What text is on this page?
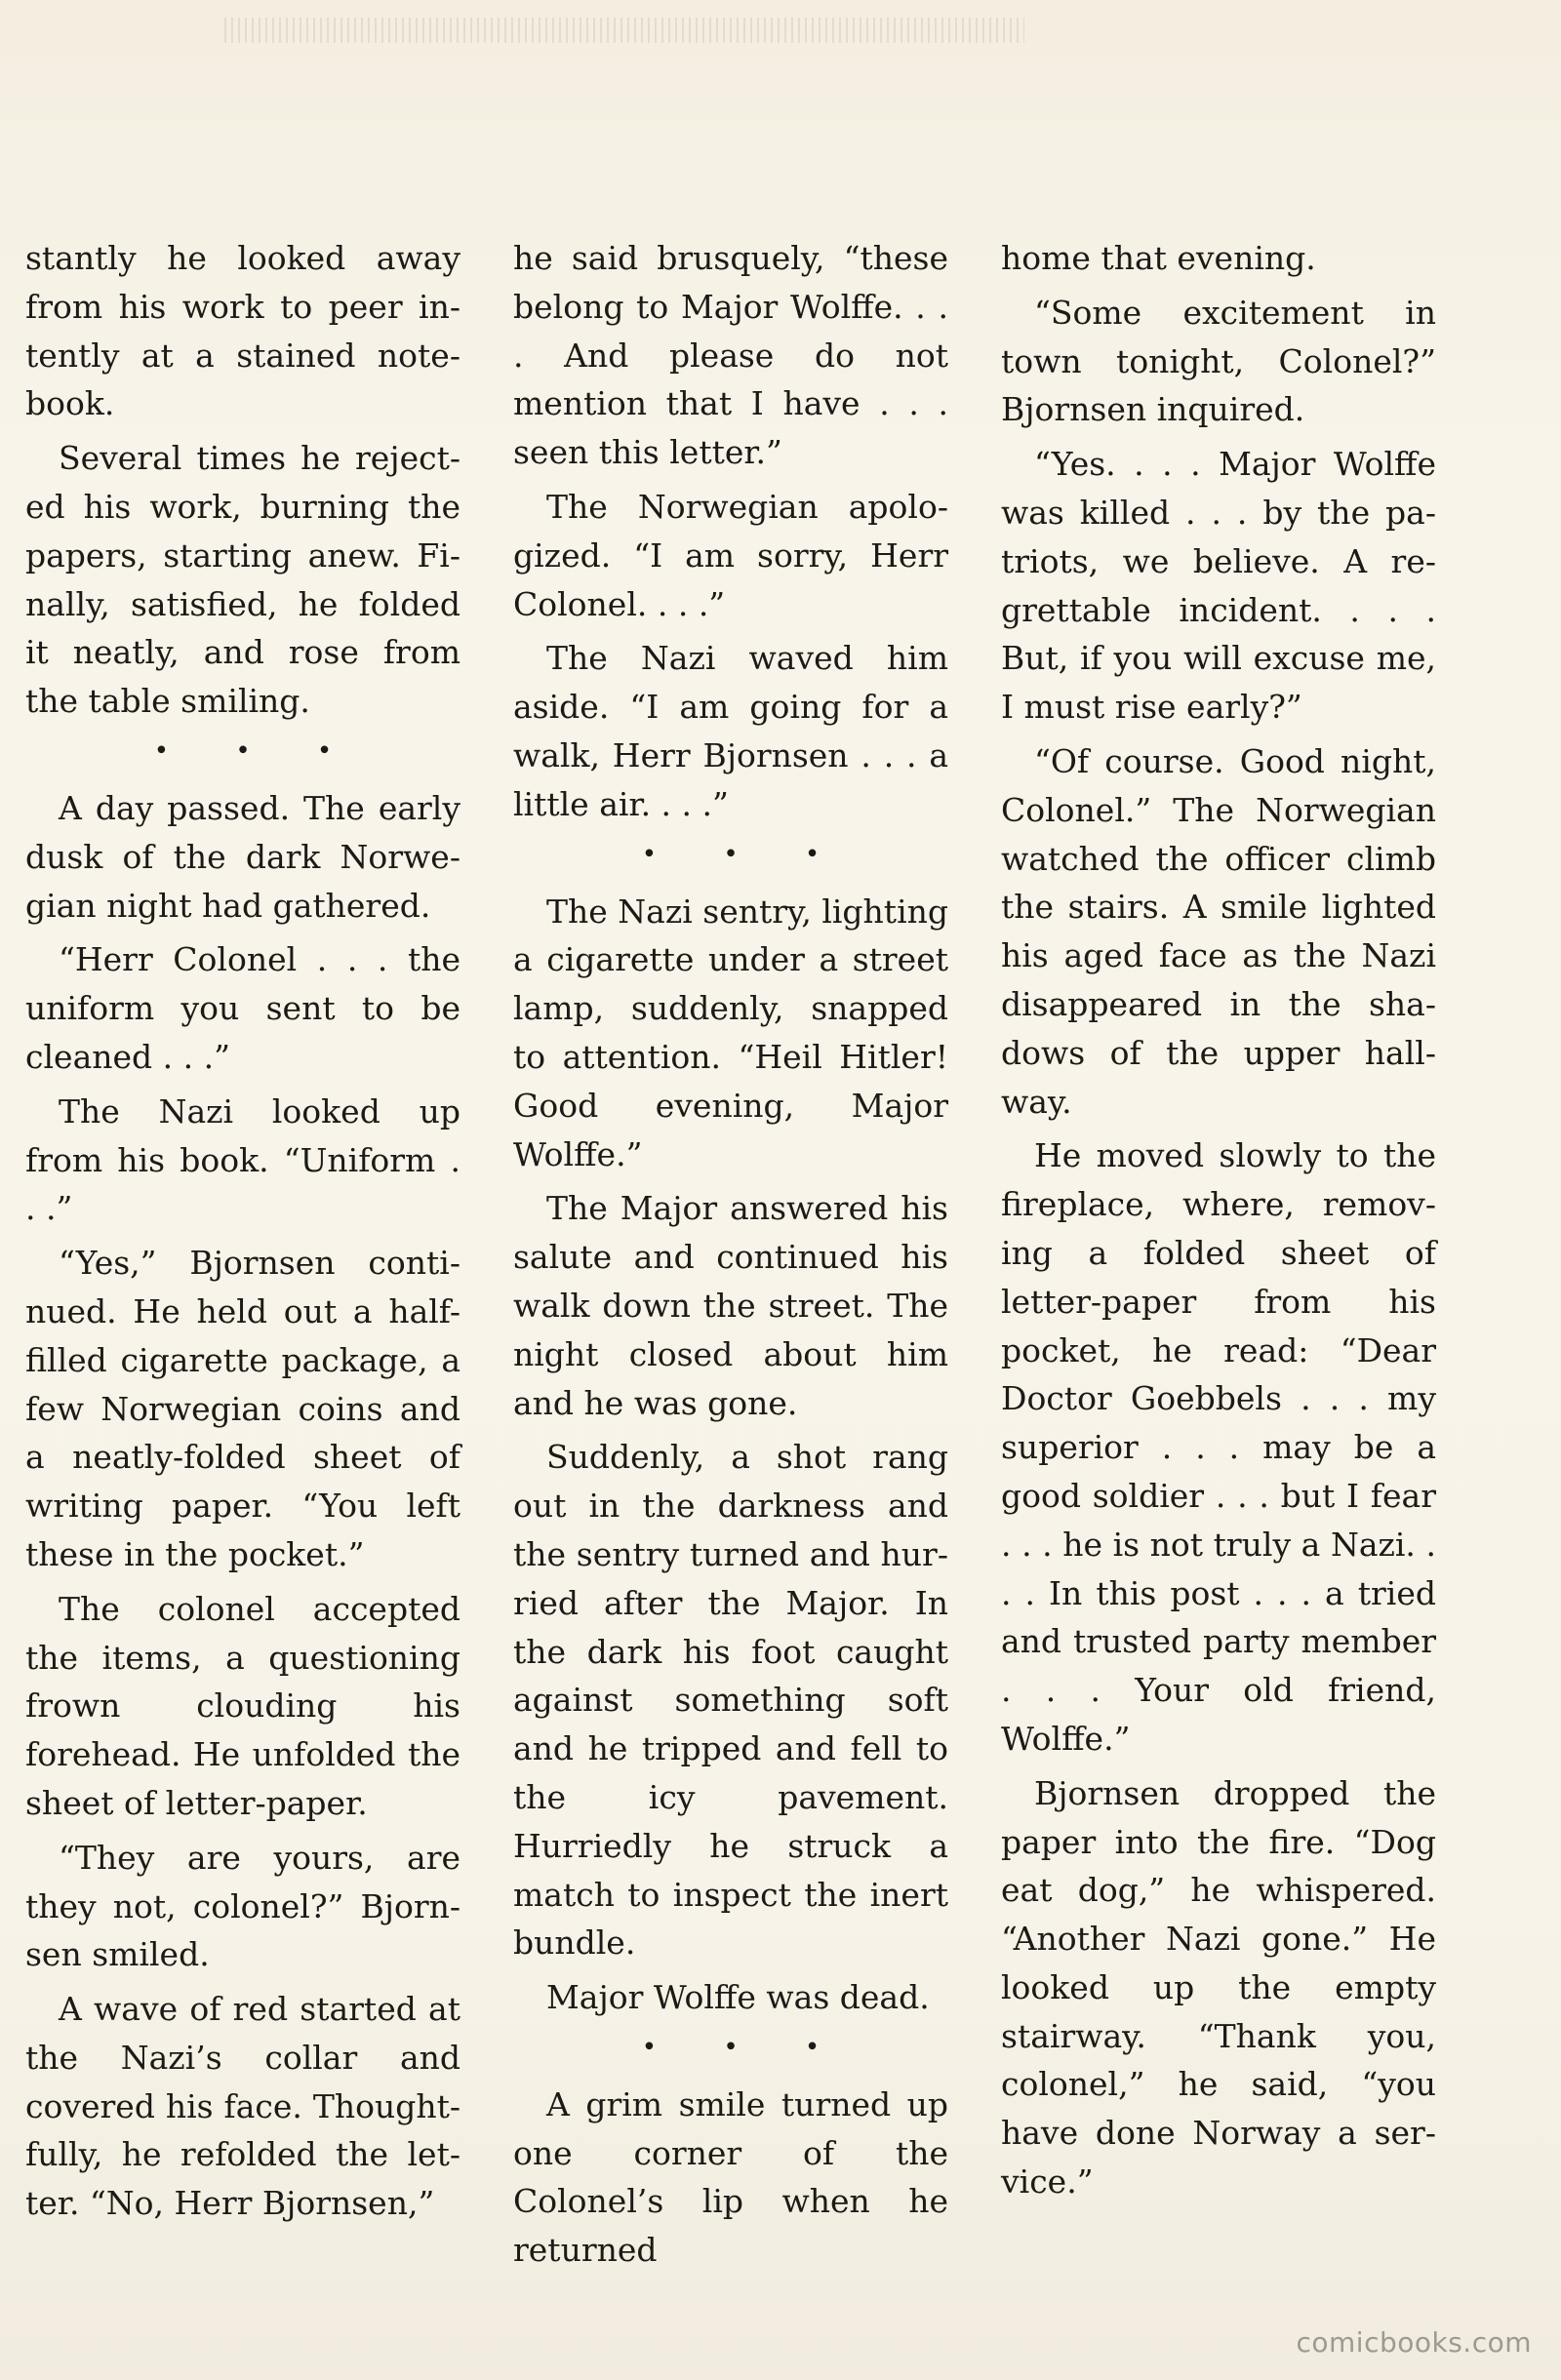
stantly he looked away from his work to peer intently at a stained notebook.

Several times he rejected his work, burning the papers, starting anew. Finally, satisfied, he folded it neatly, and rose from the table smiling.

• • •

A day passed. The early dusk of the dark Norwegian night had gathered.

“Herr Colonel . . . the uniform you sent to be cleaned . . .”

The Nazi looked up from his book. “Uniform . . .”

“Yes,” Bjornsen continued. He held out a half-filled cigarette package, a few Norwegian coins and a neatly-folded sheet of writing paper. “You left these in the pocket.”

The colonel accepted the items, a questioning frown clouding his forehead. He unfolded the sheet of letter-paper.

“They are yours, are they not, colonel?” Bjornsen smiled.

A wave of red started at the Nazi’s collar and covered his face. Thoughtfully, he refolded the letter. “No, Herr Bjornsen,”

he said brusquely, “these belong to Major Wolffe. . . . And please do not mention that I have . . . seen this letter.”

The Norwegian apologized. “I am sorry, Herr Colonel. . . .”

The Nazi waved him aside. “I am going for a walk, Herr Bjornsen . . . a little air. . . .”

• • •

The Nazi sentry, lighting a cigarette under a street lamp, suddenly, snapped to attention. “Heil Hitler! Good evening, Major Wolffe.”

The Major answered his salute and continued his walk down the street. The night closed about him and he was gone.

Suddenly, a shot rang out in the darkness and the sentry turned and hurried after the Major. In the dark his foot caught against something soft and he tripped and fell to the icy pavement. Hurriedly he struck a match to inspect the inert bundle.

Major Wolffe was dead.

• • •

A grim smile turned up one corner of the Colonel’s lip when he returned

home that evening.

“Some excitement in town tonight, Colonel?” Bjornsen inquired.

“Yes. . . . Major Wolffe was killed . . . by the patriots, we believe. A regrettable incident. . . . But, if you will excuse me, I must rise early?”

“Of course. Good night, Colonel.” The Norwegian watched the officer climb the stairs. A smile lighted his aged face as the Nazi disappeared in the shadows of the upper hallway.

He moved slowly to the fireplace, where, removing a folded sheet of letter-paper from his pocket, he read: “Dear Doctor Goebbels . . . my superior . . . may be a good soldier . . . but I fear . . . he is not truly a Nazi. . . . In this post . . . a tried and trusted party member . . . Your old friend, Wolffe.”

Bjornsen dropped the paper into the fire. “Dog eat dog,” he whispered. “Another Nazi gone.” He looked up the empty stairway. “Thank you, colonel,” he said, “you have done Norway a service.”

comicbooks.com
